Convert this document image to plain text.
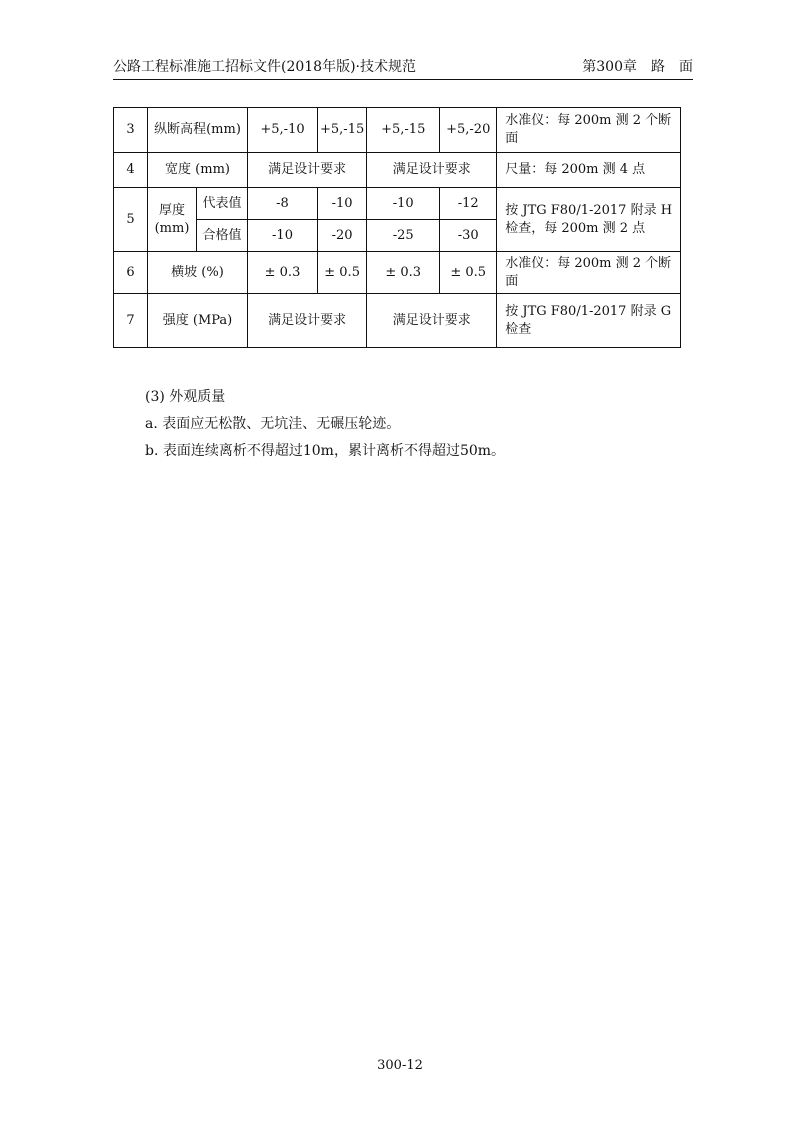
公路工程标准施工招标文件(2018年版)·技术规范	第300章　路　面
3	纵断高程(mm)		+5,-10	+5,-15	+5,-15	+5,-20	水准仪：每 200m 测 2 个断面
4	宽度 (mm)		满足设计要求		满足设计要求		尺量：每 200m 测 4 点
5	厚度 (mm)	代表值	-8	-10	-10	-12	按 JTG F80/1-2017 附录 H 检查，每 200m 测 2 点
		合格值	-10	-20	-25	-30	
6	横坡 (%)		± 0.3	± 0.5	± 0.3	± 0.5	水准仪：每 200m 测 2 个断面
7	强度 (MPa)		满足设计要求		满足设计要求		按 JTG F80/1-2017 附录 G 检查
(3) 外观质量
a. 表面应无松散、无坑洼、无碾压轮迹。
b. 表面连续离析不得超过10m，累计离析不得超过50m。
300-12
